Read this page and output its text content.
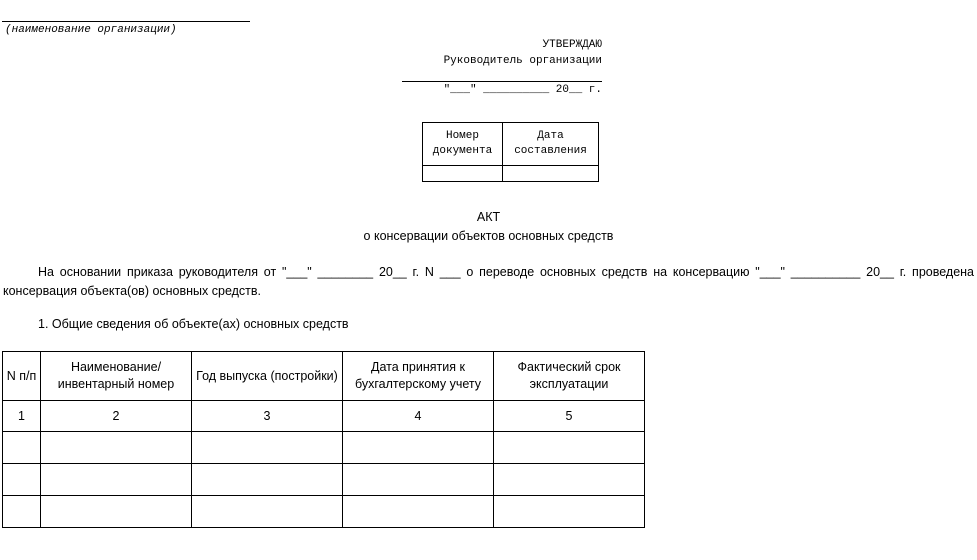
(наименование организации)
УТВЕРЖДАЮ
Руководитель организации
"___" __________ 20__ г.
Номер документа	Дата составления

АКТ
о консервации объектов основных средств
На основании приказа руководителя от "___" ________ 20__ г. N ___ о переводе основных средств на консервацию "___" __________ 20__ г. проведена консервация объекта(ов) основных средств.
1. Общие сведения об объекте(ах) основных средств
N п/п	Наименование/инвентарный номер	Год выпуска (постройки)	Дата принятия к бухгалтерскому учету	Фактический срок эксплуатации
1	2	3	4	5
